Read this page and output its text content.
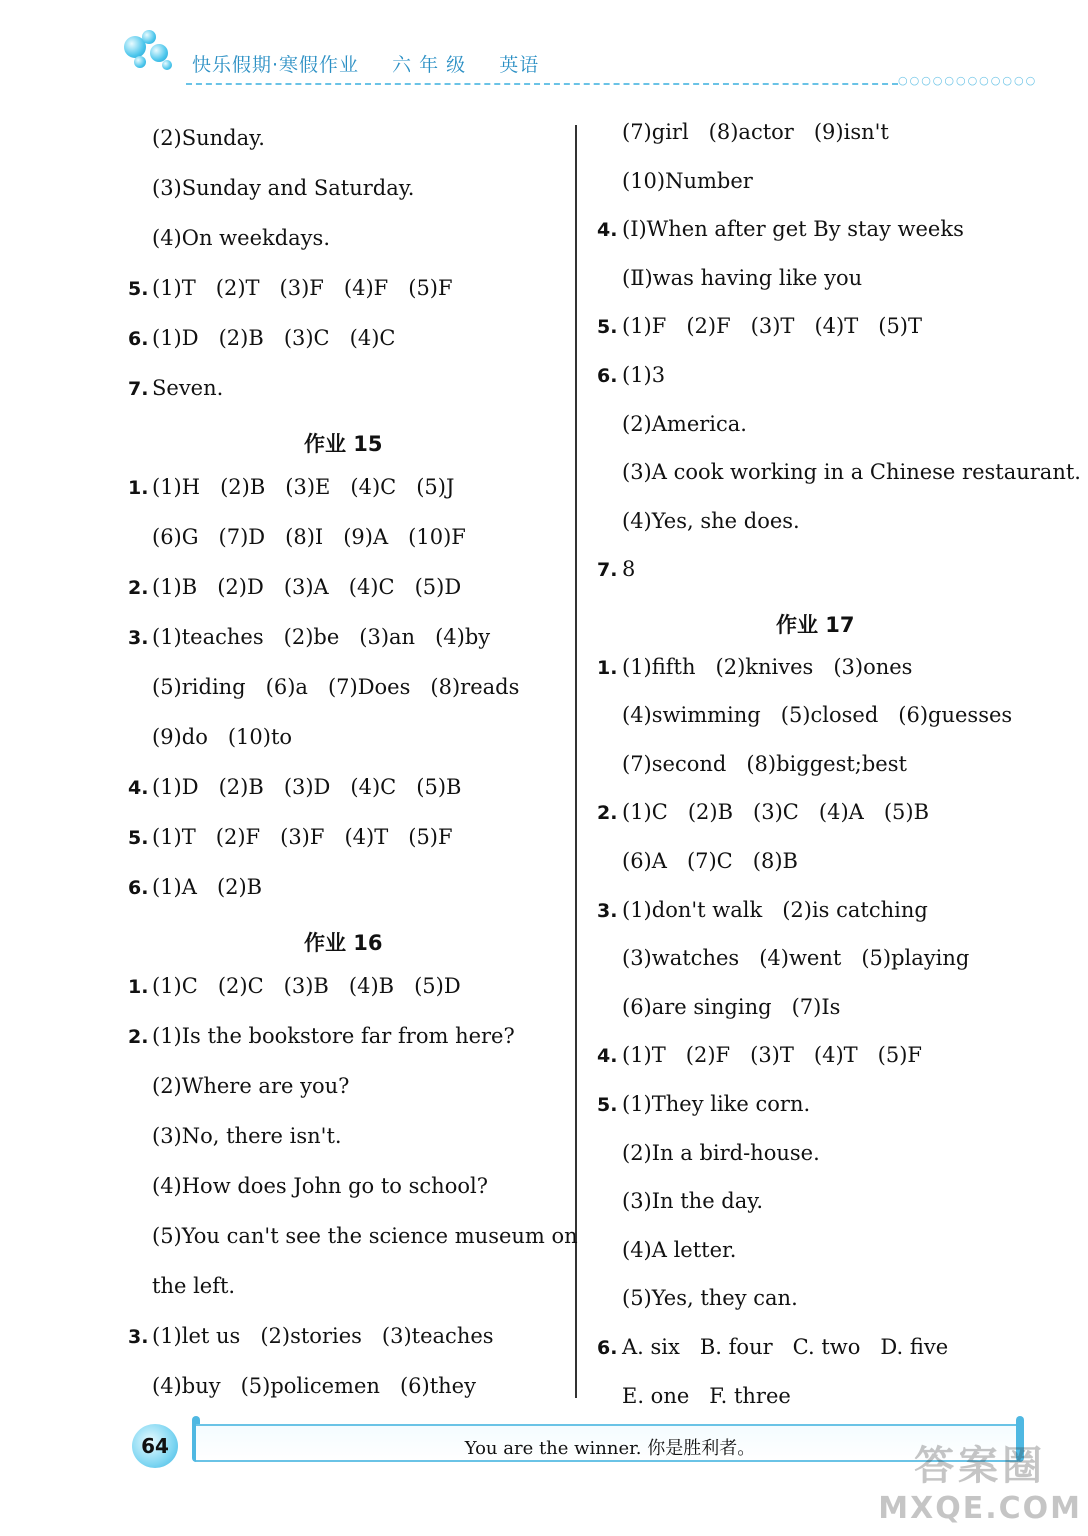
快乐假期·寒假作业 六 年 级 英语
○○○○○○○○○○○○
(2)Sunday.
(3)Sunday and Saturday.
(4)On weekdays.
5. (1)T   (2)T   (3)F   (4)F   (5)F
6. (1)D   (2)B   (3)C   (4)C
7. Seven.
作业 15
1. (1)H   (2)B   (3)E   (4)C   (5)J
(6)G   (7)D   (8)I   (9)A   (10)F
2. (1)B   (2)D   (3)A   (4)C   (5)D
3. (1)teaches   (2)be   (3)an   (4)by
(5)riding   (6)a   (7)Does   (8)reads
(9)do   (10)to
4. (1)D   (2)B   (3)D   (4)C   (5)B
5. (1)T   (2)F   (3)F   (4)T   (5)F
6. (1)A   (2)B
作业 16
1. (1)C   (2)C   (3)B   (4)B   (5)D
2. (1)Is the bookstore far from here?
(2)Where are you?
(3)No, there isn't.
(4)How does John go to school?
(5)You can't see the science museum on
the left.
3. (1)let us   (2)stories   (3)teaches
(4)buy   (5)policemen   (6)they
(7)girl   (8)actor   (9)isn't
(10)Number
4. (Ⅰ)When after get By stay weeks
(Ⅱ)was having like you
5. (1)F   (2)F   (3)T   (4)T   (5)T
6. (1)3
(2)America.
(3)A cook working in a Chinese restaurant.
(4)Yes, she does.
7. 8
作业 17
1. (1)fifth   (2)knives   (3)ones
(4)swimming   (5)closed   (6)guesses
(7)second   (8)biggest;best
2. (1)C   (2)B   (3)C   (4)A   (5)B
(6)A   (7)C   (8)B
3. (1)don't walk   (2)is catching
(3)watches   (4)went   (5)playing
(6)are singing   (7)Is
4. (1)T   (2)F   (3)T   (4)T   (5)F
5. (1)They like corn.
(2)In a bird-house.
(3)In the day.
(4)A letter.
(5)Yes, they can.
6. A. six   B. four   C. two   D. five
E. one   F. three
64	You are the winner. 你是胜利者。	答案圈
MXQE.COM
